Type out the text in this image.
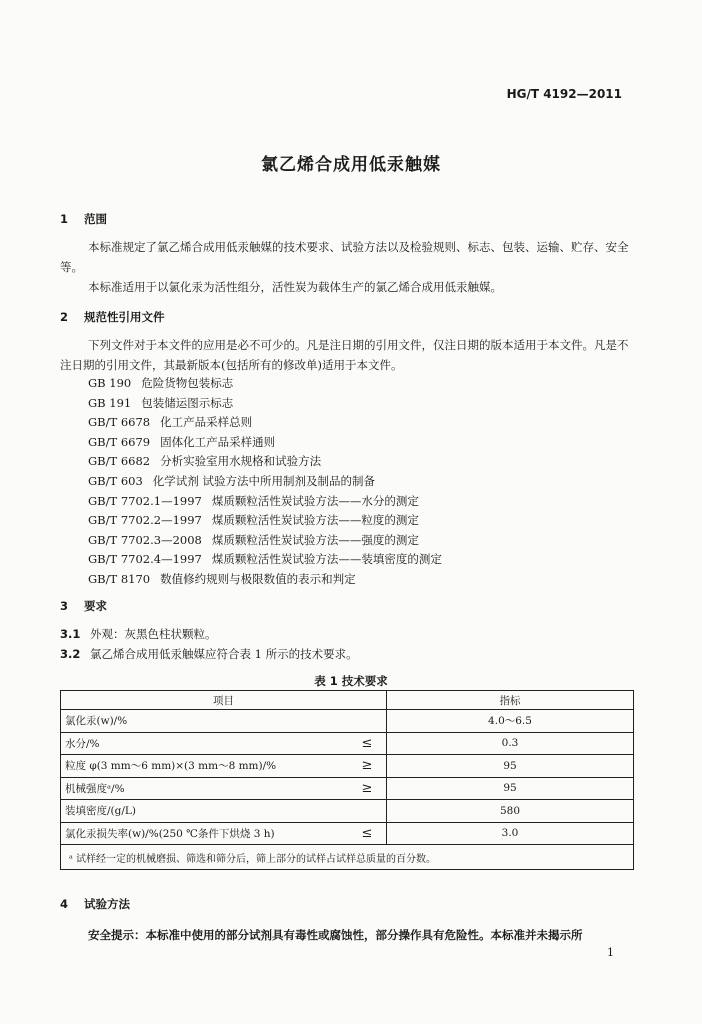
HG/T 4192—2011
氯乙烯合成用低汞触媒
1 范围
本标准规定了氯乙烯合成用低汞触媒的技术要求、试验方法以及检验规则、标志、包装、运输、贮存、安全等。
本标准适用于以氯化汞为活性组分，活性炭为载体生产的氯乙烯合成用低汞触媒。
2 规范性引用文件
下列文件对于本文件的应用是必不可少的。凡是注日期的引用文件，仅注日期的版本适用于本文件。凡是不注日期的引用文件，其最新版本(包括所有的修改单)适用于本文件。
GB 190 危险货物包装标志
GB 191 包装储运图示标志
GB/T 6678 化工产品采样总则
GB/T 6679 固体化工产品采样通则
GB/T 6682 分析实验室用水规格和试验方法
GB/T 603 化学试剂 试验方法中所用制剂及制品的制备
GB/T 7702.1—1997 煤质颗粒活性炭试验方法——水分的测定
GB/T 7702.2—1997 煤质颗粒活性炭试验方法——粒度的测定
GB/T 7702.3—2008 煤质颗粒活性炭试验方法——强度的测定
GB/T 7702.4—1997 煤质颗粒活性炭试验方法——装填密度的测定
GB/T 8170 数值修约规则与极限数值的表示和判定
3 要求
3.1 外观：灰黑色柱状颗粒。
3.2 氯乙烯合成用低汞触媒应符合表 1 所示的技术要求。
表 1 技术要求
项目		指标
氯化汞(w)/%		4.0～6.5
水分/%	≤	0.3
粒度 φ(3 mm～6 mm)×(3 mm～8 mm)/%	≥	95
机械强度ᵃ/%	≥	95
装填密度/(g/L)		580
氯化汞损失率(w)/%(250 ℃条件下烘烧 3 h)	≤	3.0
ᵃ 试样经一定的机械磨损、筛选和筛分后，筛上部分的试样占试样总质量的百分数。		
4 试验方法
安全提示：本标准中使用的部分试剂具有毒性或腐蚀性，部分操作具有危险性。本标准并未揭示所
1
